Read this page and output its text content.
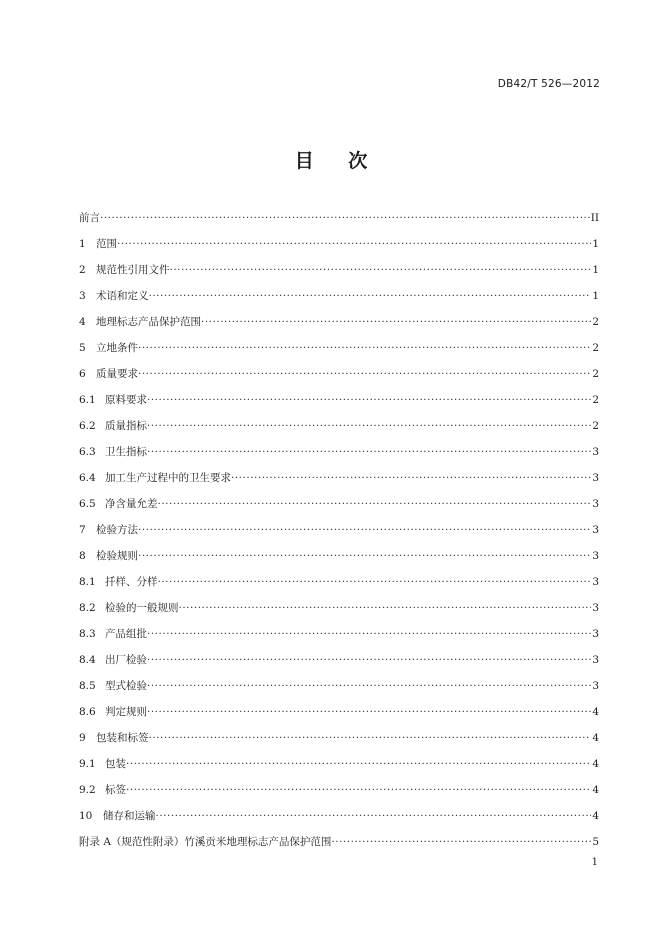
DB42/T 526—2012
目 次
前言 ·····	II
1 范围 ·····	1
2 规范性引用文件 ·····	1
3 术语和定义 ·····	1
4 地理标志产品保护范围 ·····	2
5 立地条件 ·····	2
6 质量要求 ·····	2
6.1 原料要求 ·····	2
6.2 质量指标 ·····	2
6.3 卫生指标 ·····	3
6.4 加工生产过程中的卫生要求 ·····	3
6.5 净含量允差 ·····	3
7 检验方法 ·····	3
8 检验规则 ·····	3
8.1 扦样、分样 ·····	3
8.2 检验的一般规则 ·····	3
8.3 产品组批 ·····	3
8.4 出厂检验 ·····	3
8.5 型式检验 ·····	3
8.6 判定规则 ·····	4
9 包装和标签 ·····	4
9.1 包装 ·····	4
9.2 标签 ·····	4
10	储存和运输 ·····	4
附录 A（规范性附录）竹溪贡米地理标志产品保护范围 ·····	5
1
